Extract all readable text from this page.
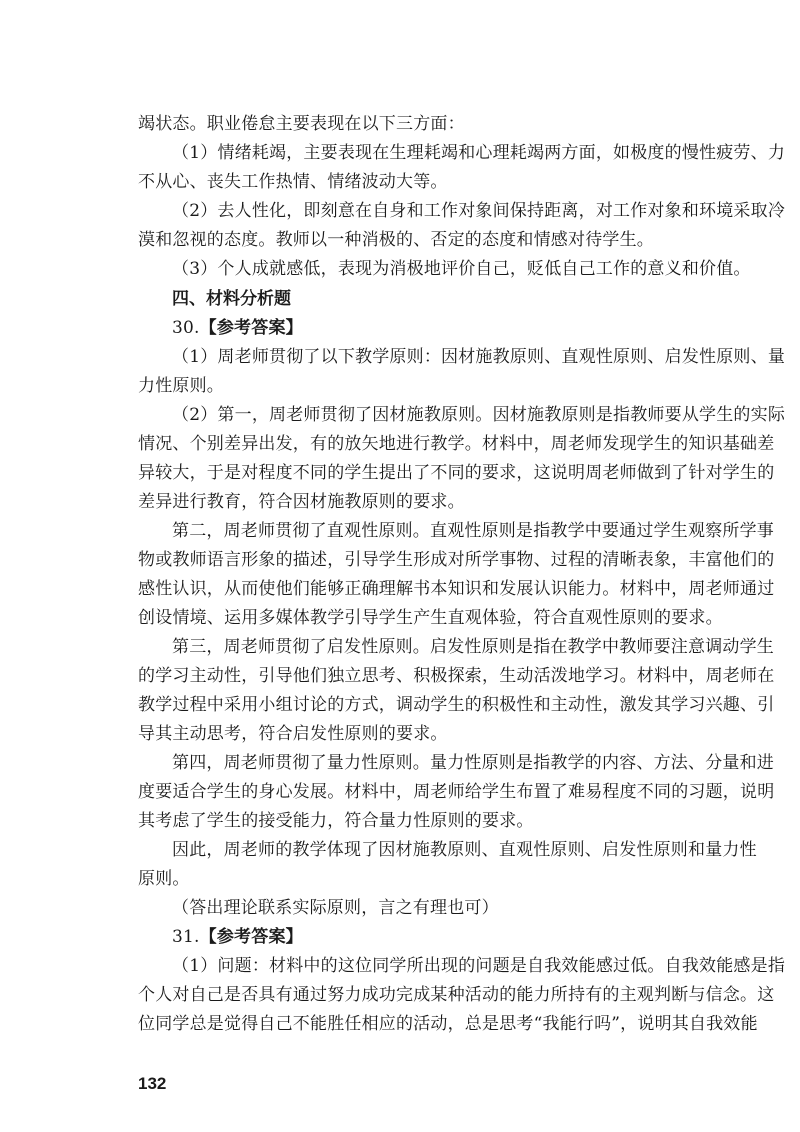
竭状态。职业倦怠主要表现在以下三方面：
（1）情绪耗竭，主要表现在生理耗竭和心理耗竭两方面，如极度的慢性疲劳、力
不从心、丧失工作热情、情绪波动大等。
（2）去人性化，即刻意在自身和工作对象间保持距离，对工作对象和环境采取冷
漠和忽视的态度。教师以一种消极的、否定的态度和情感对待学生。
（3）个人成就感低，表现为消极地评价自己，贬低自己工作的意义和价值。
四、材料分析题
30.【参考答案】
（1）周老师贯彻了以下教学原则：因材施教原则、直观性原则、启发性原则、量
力性原则。
（2）第一，周老师贯彻了因材施教原则。因材施教原则是指教师要从学生的实际
情况、个别差异出发，有的放矢地进行教学。材料中，周老师发现学生的知识基础差
异较大，于是对程度不同的学生提出了不同的要求，这说明周老师做到了针对学生的
差异进行教育，符合因材施教原则的要求。
第二，周老师贯彻了直观性原则。直观性原则是指教学中要通过学生观察所学事
物或教师语言形象的描述，引导学生形成对所学事物、过程的清晰表象，丰富他们的
感性认识，从而使他们能够正确理解书本知识和发展认识能力。材料中，周老师通过
创设情境、运用多媒体教学引导学生产生直观体验，符合直观性原则的要求。
第三，周老师贯彻了启发性原则。启发性原则是指在教学中教师要注意调动学生
的学习主动性，引导他们独立思考、积极探索，生动活泼地学习。材料中，周老师在
教学过程中采用小组讨论的方式，调动学生的积极性和主动性，激发其学习兴趣、引
导其主动思考，符合启发性原则的要求。
第四，周老师贯彻了量力性原则。量力性原则是指教学的内容、方法、分量和进
度要适合学生的身心发展。材料中，周老师给学生布置了难易程度不同的习题，说明
其考虑了学生的接受能力，符合量力性原则的要求。
因此，周老师的教学体现了因材施教原则、直观性原则、启发性原则和量力性
原则。
（答出理论联系实际原则，言之有理也可）
31.【参考答案】
（1）问题：材料中的这位同学所出现的问题是自我效能感过低。自我效能感是指
个人对自己是否具有通过努力成功完成某种活动的能力所持有的主观判断与信念。这
位同学总是觉得自己不能胜任相应的活动，总是思考“我能行吗”，说明其自我效能
132
